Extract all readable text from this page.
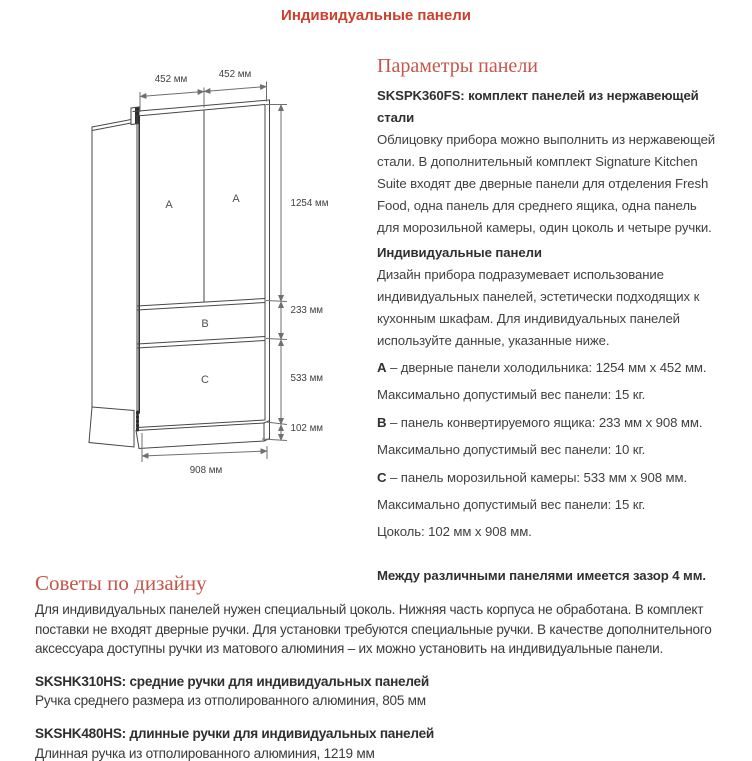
Индивидуальные панели
A	A
B
C
452 мм	452 мм
1254 мм
233 мм
533 мм
102 мм
908 мм
Параметры панели

SKSPK360FS: комплект панелей из нержавеющей стали

Облицовку прибора можно выполнить из нержавеющей стали. В дополнительный комплект Signature Kitchen Suite входят две дверные панели для отделения Fresh Food, одна панель для среднего ящика, одна панель для морозильной камеры, один цоколь и четыре ручки.

Индивидуальные панели

Дизайн прибора подразумевает использование индивидуальных панелей, эстетически подходящих к кухонным шкафам. Для индивидуальных панелей используйте данные, указанные ниже.

A – дверные панели холодильника: 1254 мм x 452 мм.

Максимально допустимый вес панели: 15 кг.

B – панель конвертируемого ящика: 233 мм x 908 мм.

Максимально допустимый вес панели: 10 кг.

C – панель морозильной камеры: 533 мм x 908 мм.

Максимально допустимый вес панели: 15 кг.

Цоколь: 102 мм x 908 мм.

Между различными панелями имеется зазор 4 мм.

Советы по дизайну

Для индивидуальных панелей нужен специальный цоколь. Нижняя часть корпуса не обработана. В комплект поставки не входят дверные ручки. Для установки требуются специальные ручки. В качестве дополнительного аксессуара доступны ручки из матового алюминия – их можно установить на индивидуальные панели.

SKSHK310HS: средние ручки для индивидуальных панелей

Ручка среднего размера из отполированного алюминия, 805 мм

SKSHK480HS: длинные ручки для индивидуальных панелей

Длинная ручка из отполированного алюминия, 1219 мм
